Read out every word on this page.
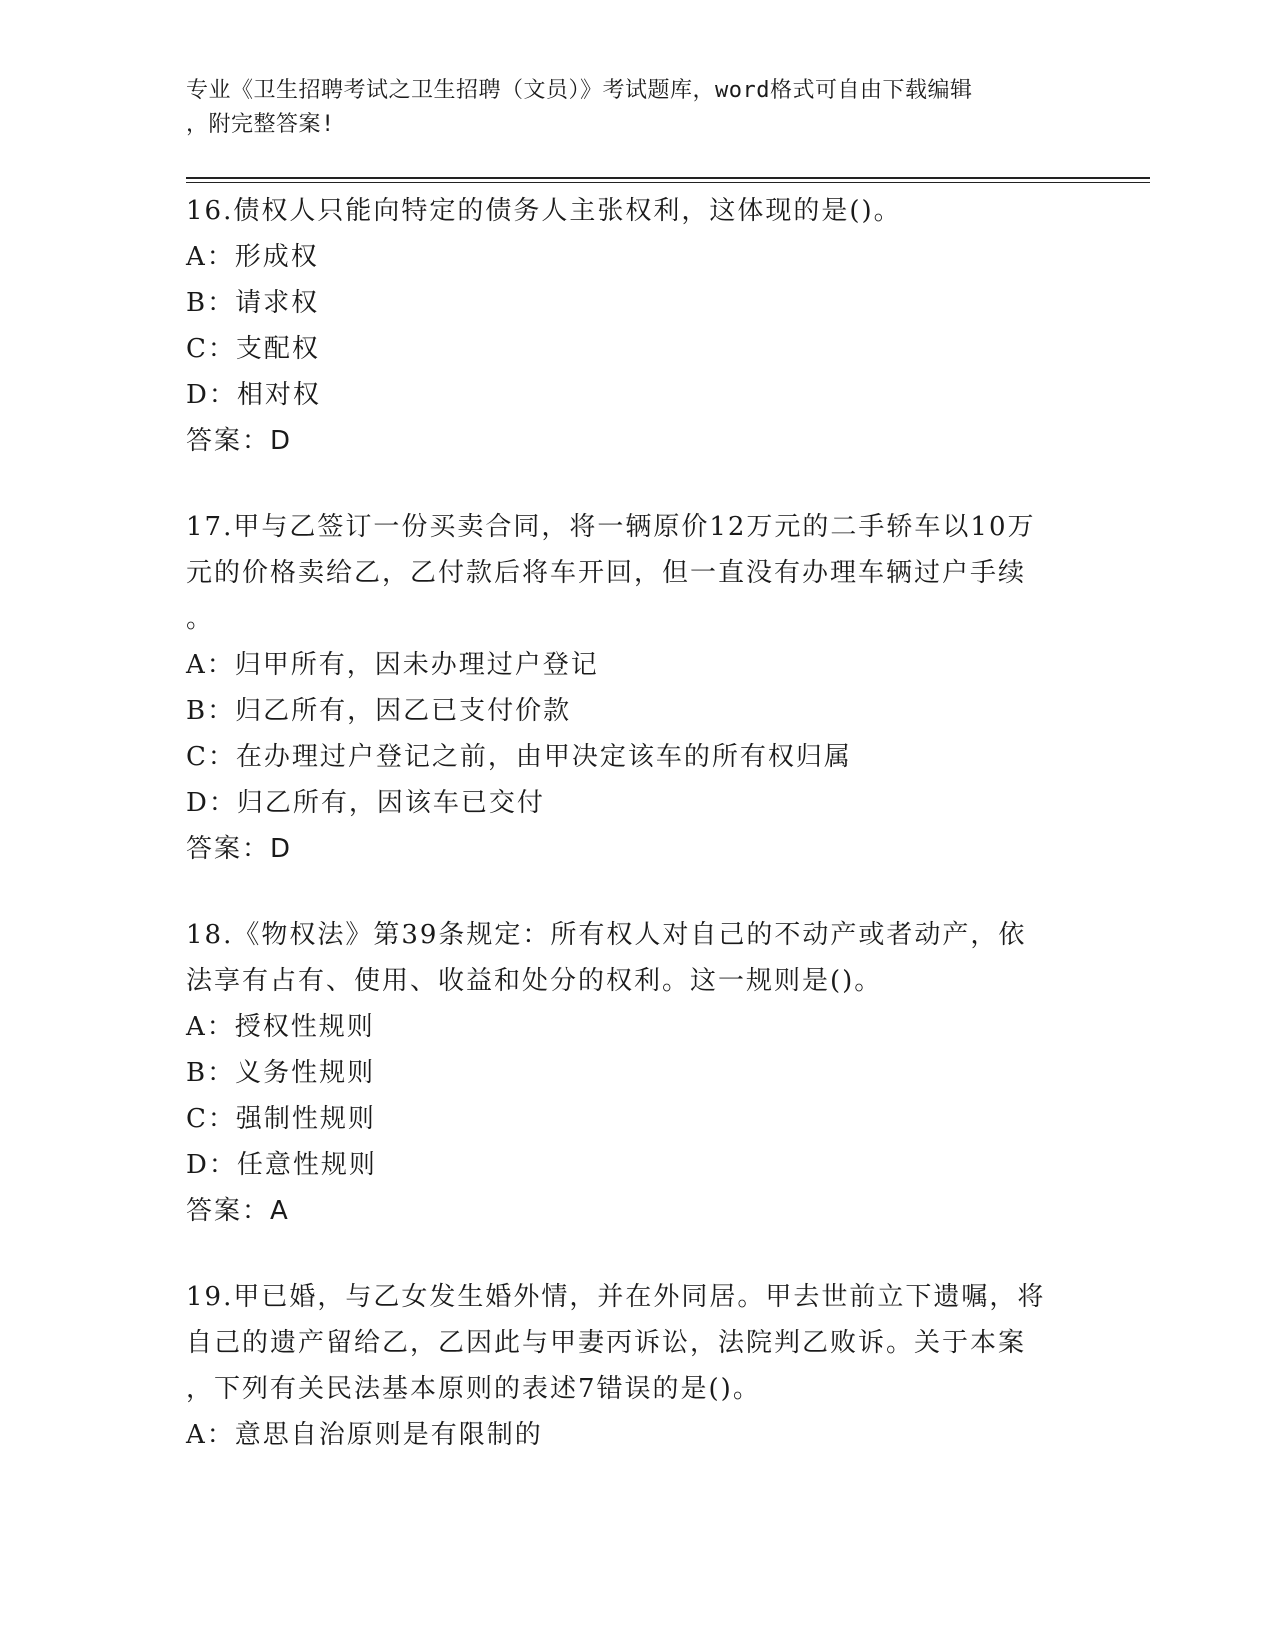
专业《卫生招聘考试之卫生招聘（文员）》考试题库，word格式可自由下载编辑
，附完整答案!

16.债权人只能向特定的债务人主张权利，这体现的是()。

A：形成权

B：请求权

C：支配权

D：相对权

答案：D

17.甲与乙签订一份买卖合同，将一辆原价12万元的二手轿车以10万

元的价格卖给乙，乙付款后将车开回，但一直没有办理车辆过户手续

。

A：归甲所有，因未办理过户登记

B：归乙所有，因乙已支付价款

C：在办理过户登记之前，由甲决定该车的所有权归属

D：归乙所有，因该车已交付

答案：D

18.《物权法》第39条规定：所有权人对自己的不动产或者动产，依

法享有占有、使用、收益和处分的权利。这一规则是()。

A：授权性规则

B：义务性规则

C：强制性规则

D：任意性规则

答案：A

19.甲已婚，与乙女发生婚外情，并在外同居。甲去世前立下遗嘱，将

自己的遗产留给乙，乙因此与甲妻丙诉讼，法院判乙败诉。关于本案

，下列有关民法基本原则的表述7错误的是()。

A：意思自治原则是有限制的
